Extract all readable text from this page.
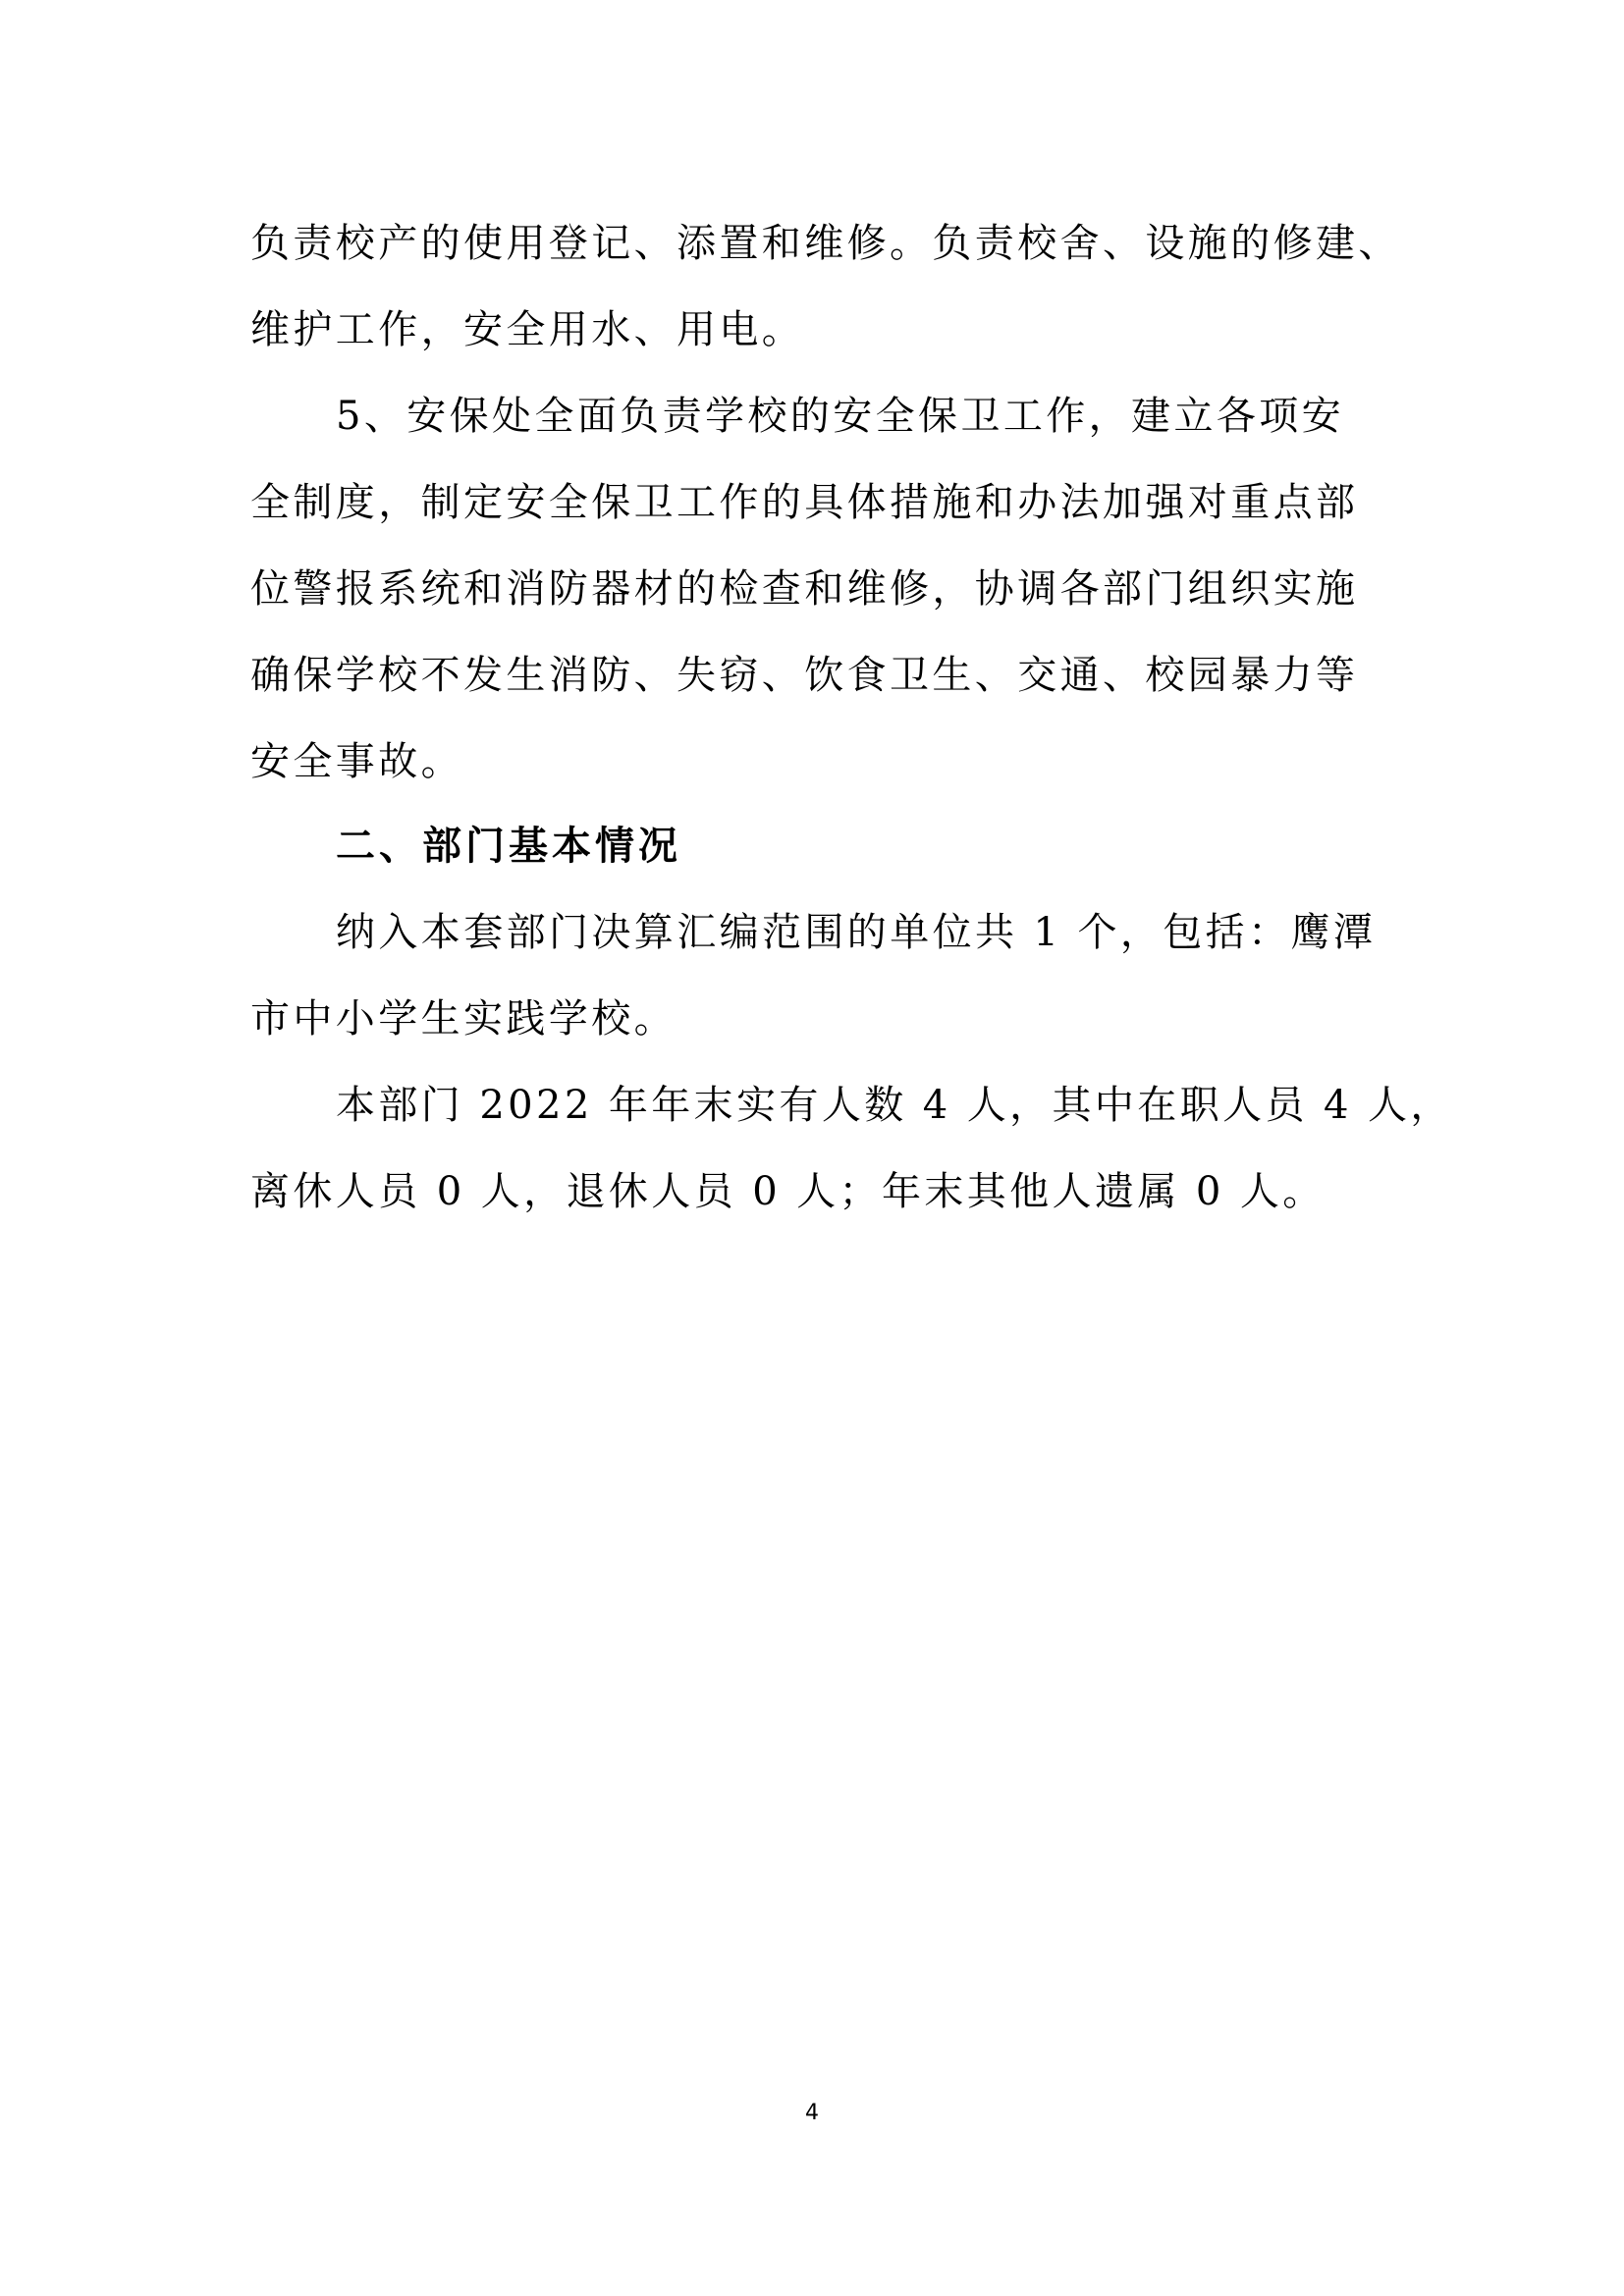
负责校产的使用登记、添置和维修。负责校舍、设施的修建、
维护工作，安全用水、用电。
5、安保处全面负责学校的安全保卫工作，建立各项安
全制度，制定安全保卫工作的具体措施和办法加强对重点部
位警报系统和消防器材的检查和维修，协调各部门组织实施
确保学校不发生消防、失窃、饮食卫生、交通、校园暴力等
安全事故。
二、部门基本情况
纳入本套部门决算汇编范围的单位共 1 个，包括：鹰潭
市中小学生实践学校。
本部门 2022 年年末实有人数 4 人，其中在职人员 4 人，
离休人员 0 人，退休人员 0 人；年末其他人遗属 0 人。
4
